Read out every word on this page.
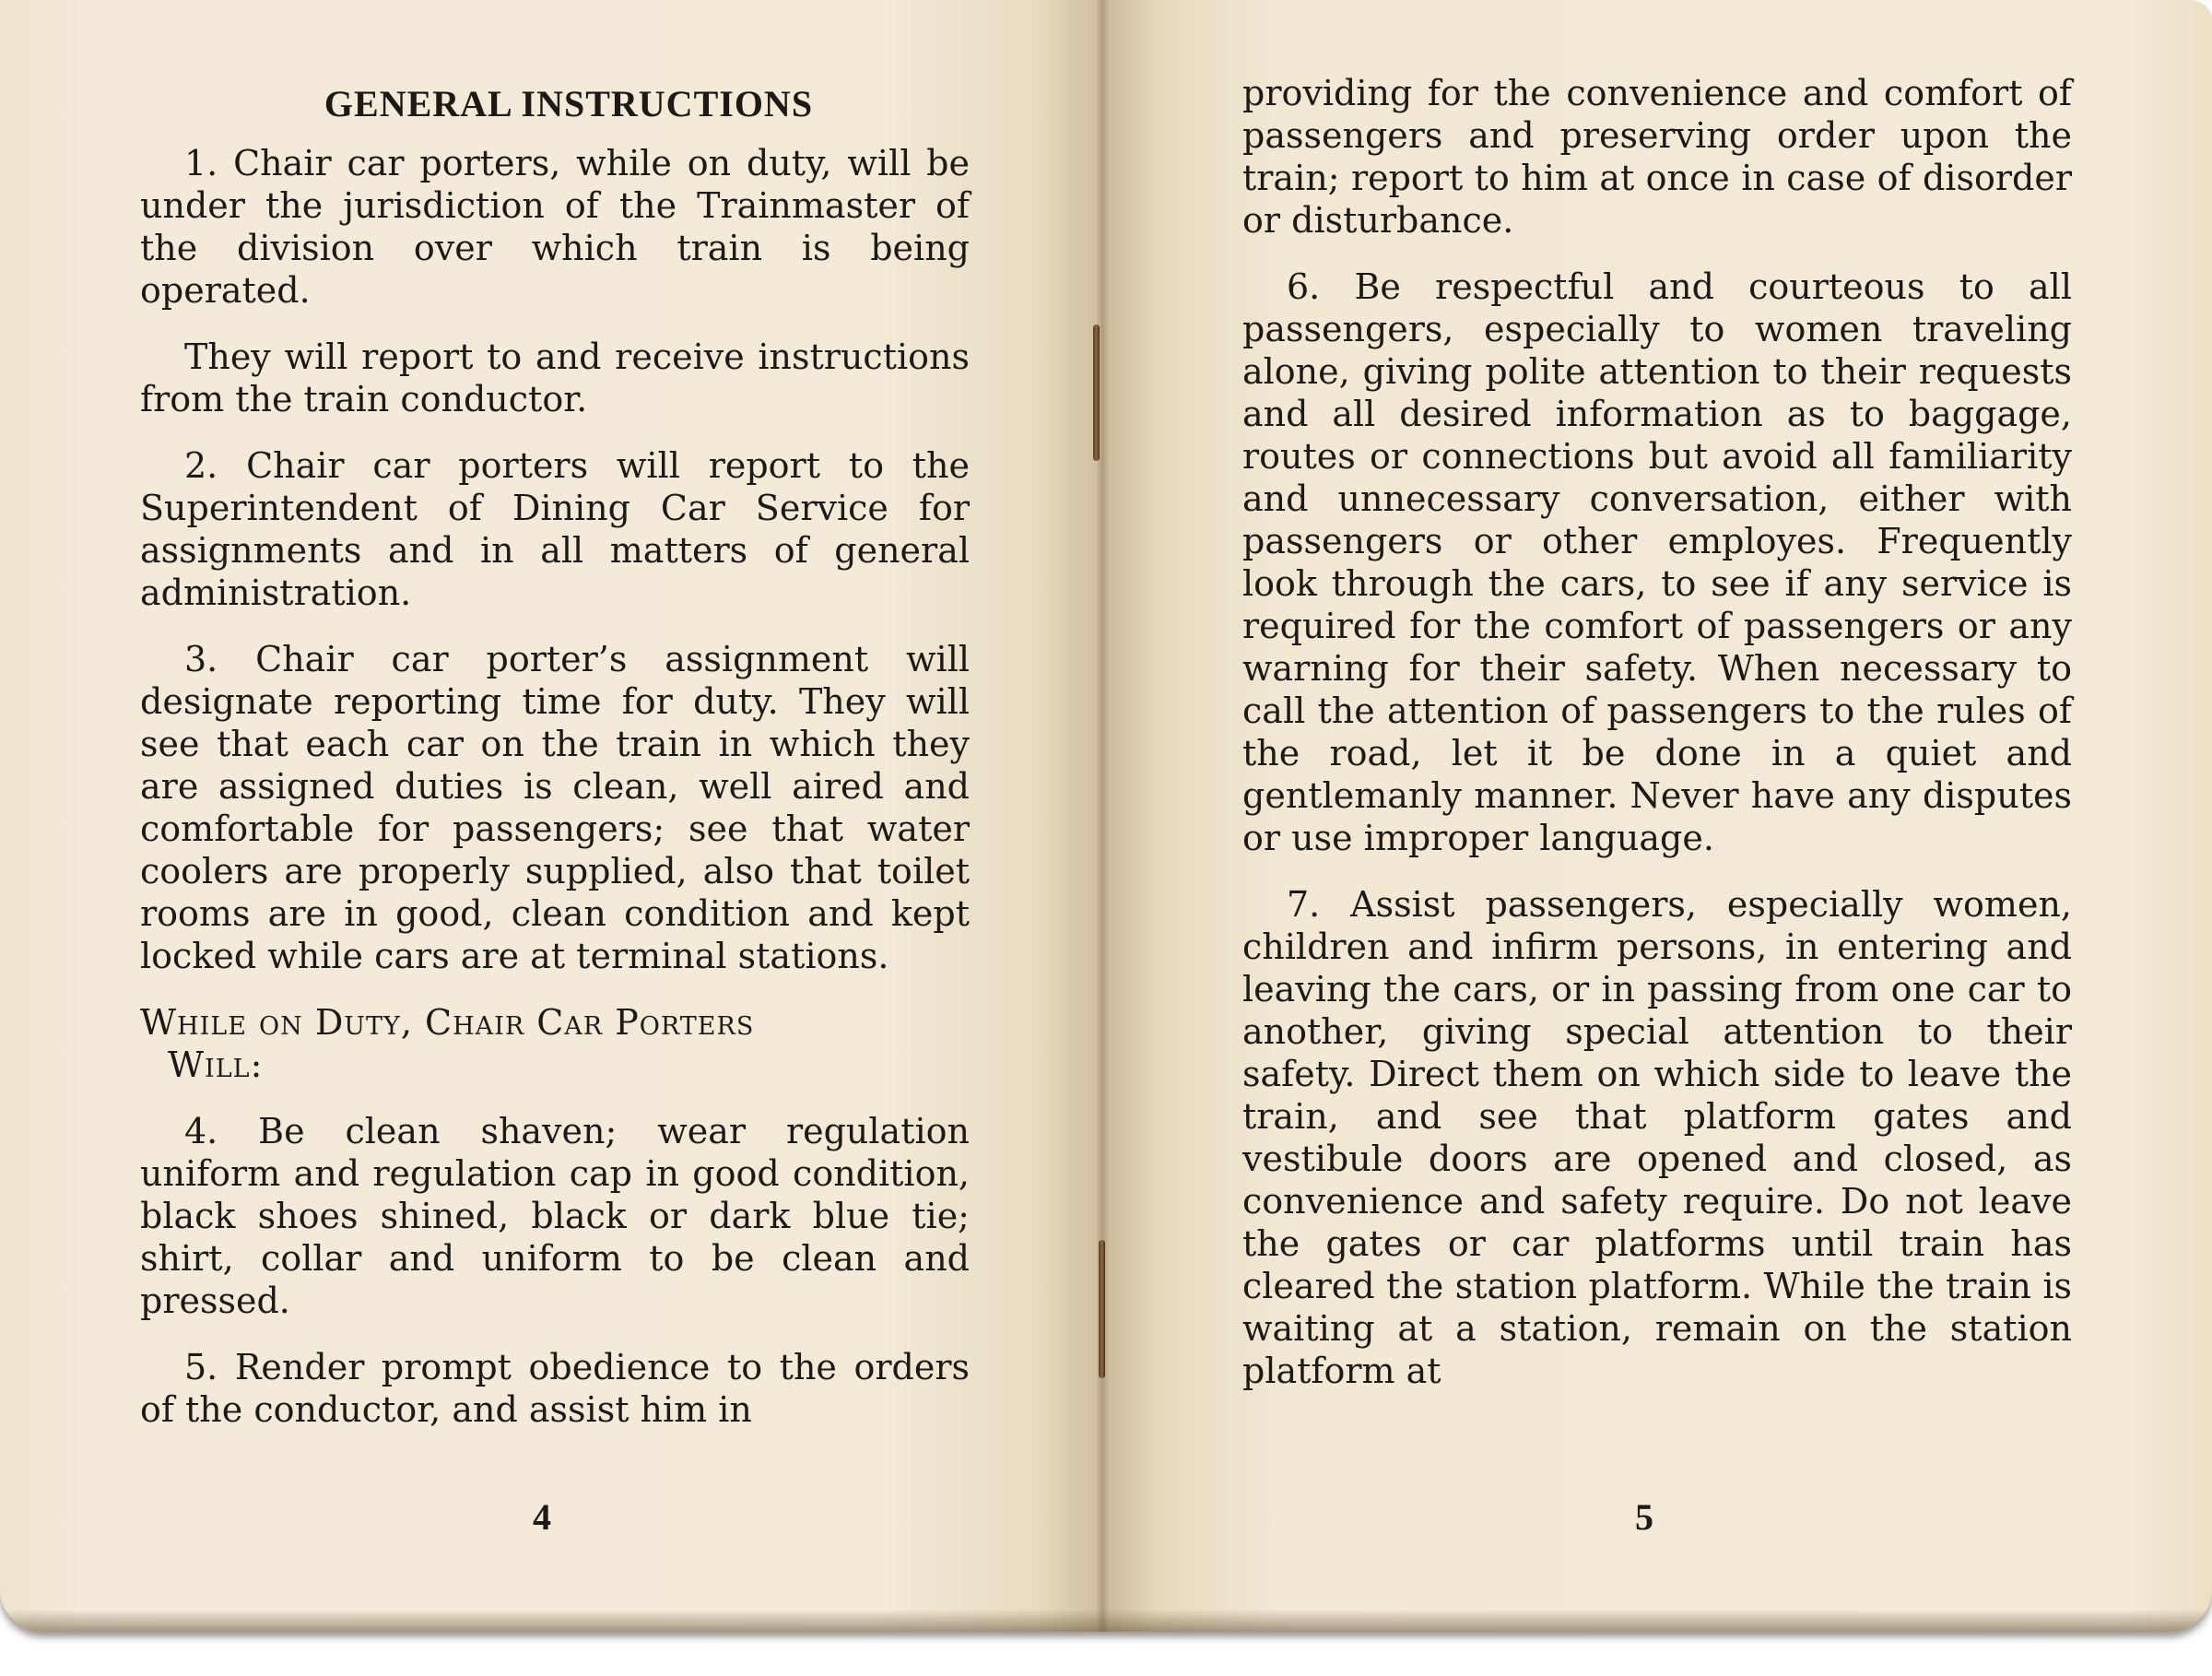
GENERAL INSTRUCTIONS

1. Chair car porters, while on duty, will be under the jurisdiction of the Trainmaster of the division over which train is being operated.

They will report to and receive instructions from the train conductor.

2. Chair car porters will report to the Superintendent of Dining Car Service for assignments and in all matters of general administration.

3. Chair car porter’s assignment will designate reporting time for duty. They will see that each car on the train in which they are assigned duties is clean, well aired and comfortable for passengers; see that water coolers are properly supplied, also that toilet rooms are in good, clean condition and kept locked while cars are at terminal stations.

While on Duty, Chair Car Porters
Will:

4. Be clean shaven; wear regulation uniform and regulation cap in good condition, black shoes shined, black or dark blue tie; shirt, collar and uniform to be clean and pressed.

5. Render prompt obedience to the orders of the conductor, and assist him in

4

providing for the convenience and comfort of passengers and preserving order upon the train; report to him at once in case of disorder or disturbance.

6. Be respectful and courteous to all passengers, especially to women traveling alone, giving polite attention to their requests and all desired information as to baggage, routes or connections but avoid all familiarity and unnecessary conversation, either with passengers or other employes. Frequently look through the cars, to see if any service is required for the comfort of passengers or any warning for their safety. When necessary to call the attention of passengers to the rules of the road, let it be done in a quiet and gentlemanly manner. Never have any disputes or use improper language.

7. Assist passengers, especially women, children and infirm persons, in entering and leaving the cars, or in passing from one car to another, giving special attention to their safety. Direct them on which side to leave the train, and see that platform gates and vestibule doors are opened and closed, as convenience and safety require. Do not leave the gates or car platforms until train has cleared the station platform. While the train is waiting at a station, remain on the station platform at

5
